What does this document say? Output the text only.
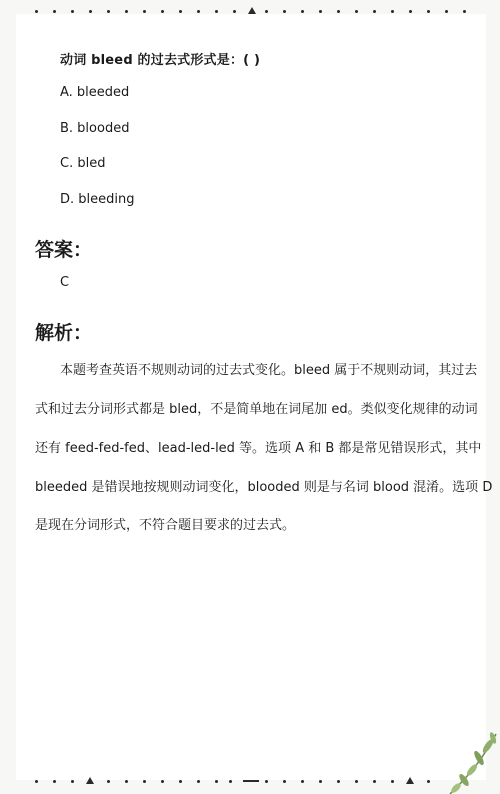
动词 bleed 的过去式形式是：( )
A. bleeded
B. blooded
C. bled
D. bleeding
答案：
C
解析：
本题考查英语不规则动词的过去式变化。bleed 属于不规则动词，其过去
式和过去分词形式都是 bled，不是简单地在词尾加 ed。类似变化规律的动词
还有 feed-fed-fed、lead-led-led 等。选项 A 和 B 都是常见错误形式，其中
bleeded 是错误地按规则动词变化，blooded 则是与名词 blood 混淆。选项 D
是现在分词形式，不符合题目要求的过去式。
